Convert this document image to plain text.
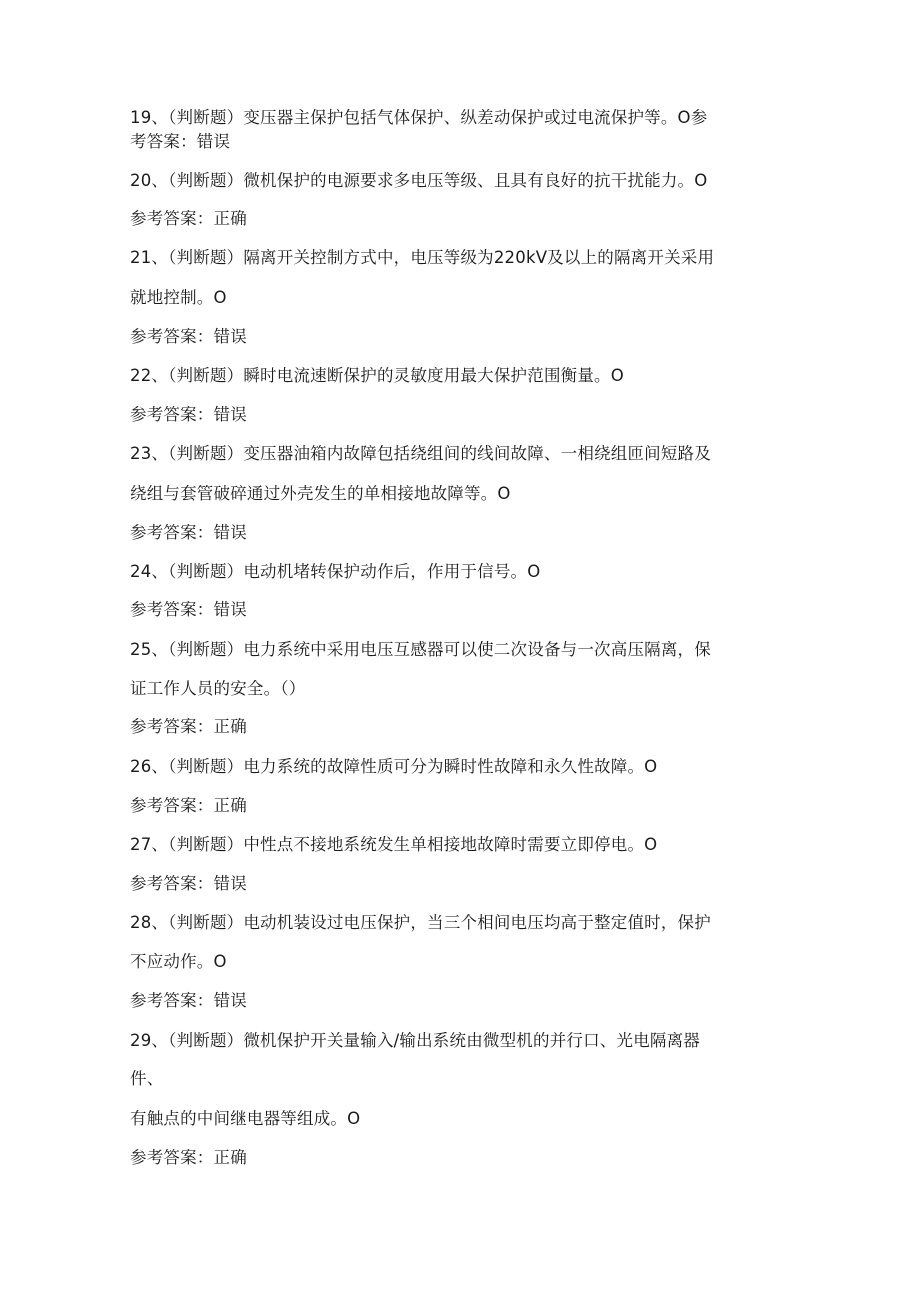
19、（判断题）变压器主保护包括气体保护、纵差动保护或过电流保护等。O参
考答案：错误
20、（判断题）微机保护的电源要求多电压等级、且具有良好的抗干扰能力。O
参考答案：正确
21、（判断题）隔离开关控制方式中，电压等级为220kV及以上的隔离开关采用
就地控制。O
参考答案：错误
22、（判断题）瞬时电流速断保护的灵敏度用最大保护范围衡量。O
参考答案：错误
23、（判断题）变压器油箱内故障包括绕组间的线间故障、一相绕组匝间短路及
绕组与套管破碎通过外壳发生的单相接地故障等。O
参考答案：错误
24、（判断题）电动机堵转保护动作后，作用于信号。O
参考答案：错误
25、（判断题）电力系统中采用电压互感器可以使二次设备与一次高压隔离，保
证工作人员的安全。（）
参考答案：正确
26、（判断题）电力系统的故障性质可分为瞬时性故障和永久性故障。O
参考答案：正确
27、（判断题）中性点不接地系统发生单相接地故障时需要立即停电。O
参考答案：错误
28、（判断题）电动机装设过电压保护，当三个相间电压均高于整定值时，保护
不应动作。O
参考答案：错误
29、（判断题）微机保护开关量输入/输出系统由微型机的并行口、光电隔离器
件、
有触点的中间继电器等组成。O
参考答案：正确
